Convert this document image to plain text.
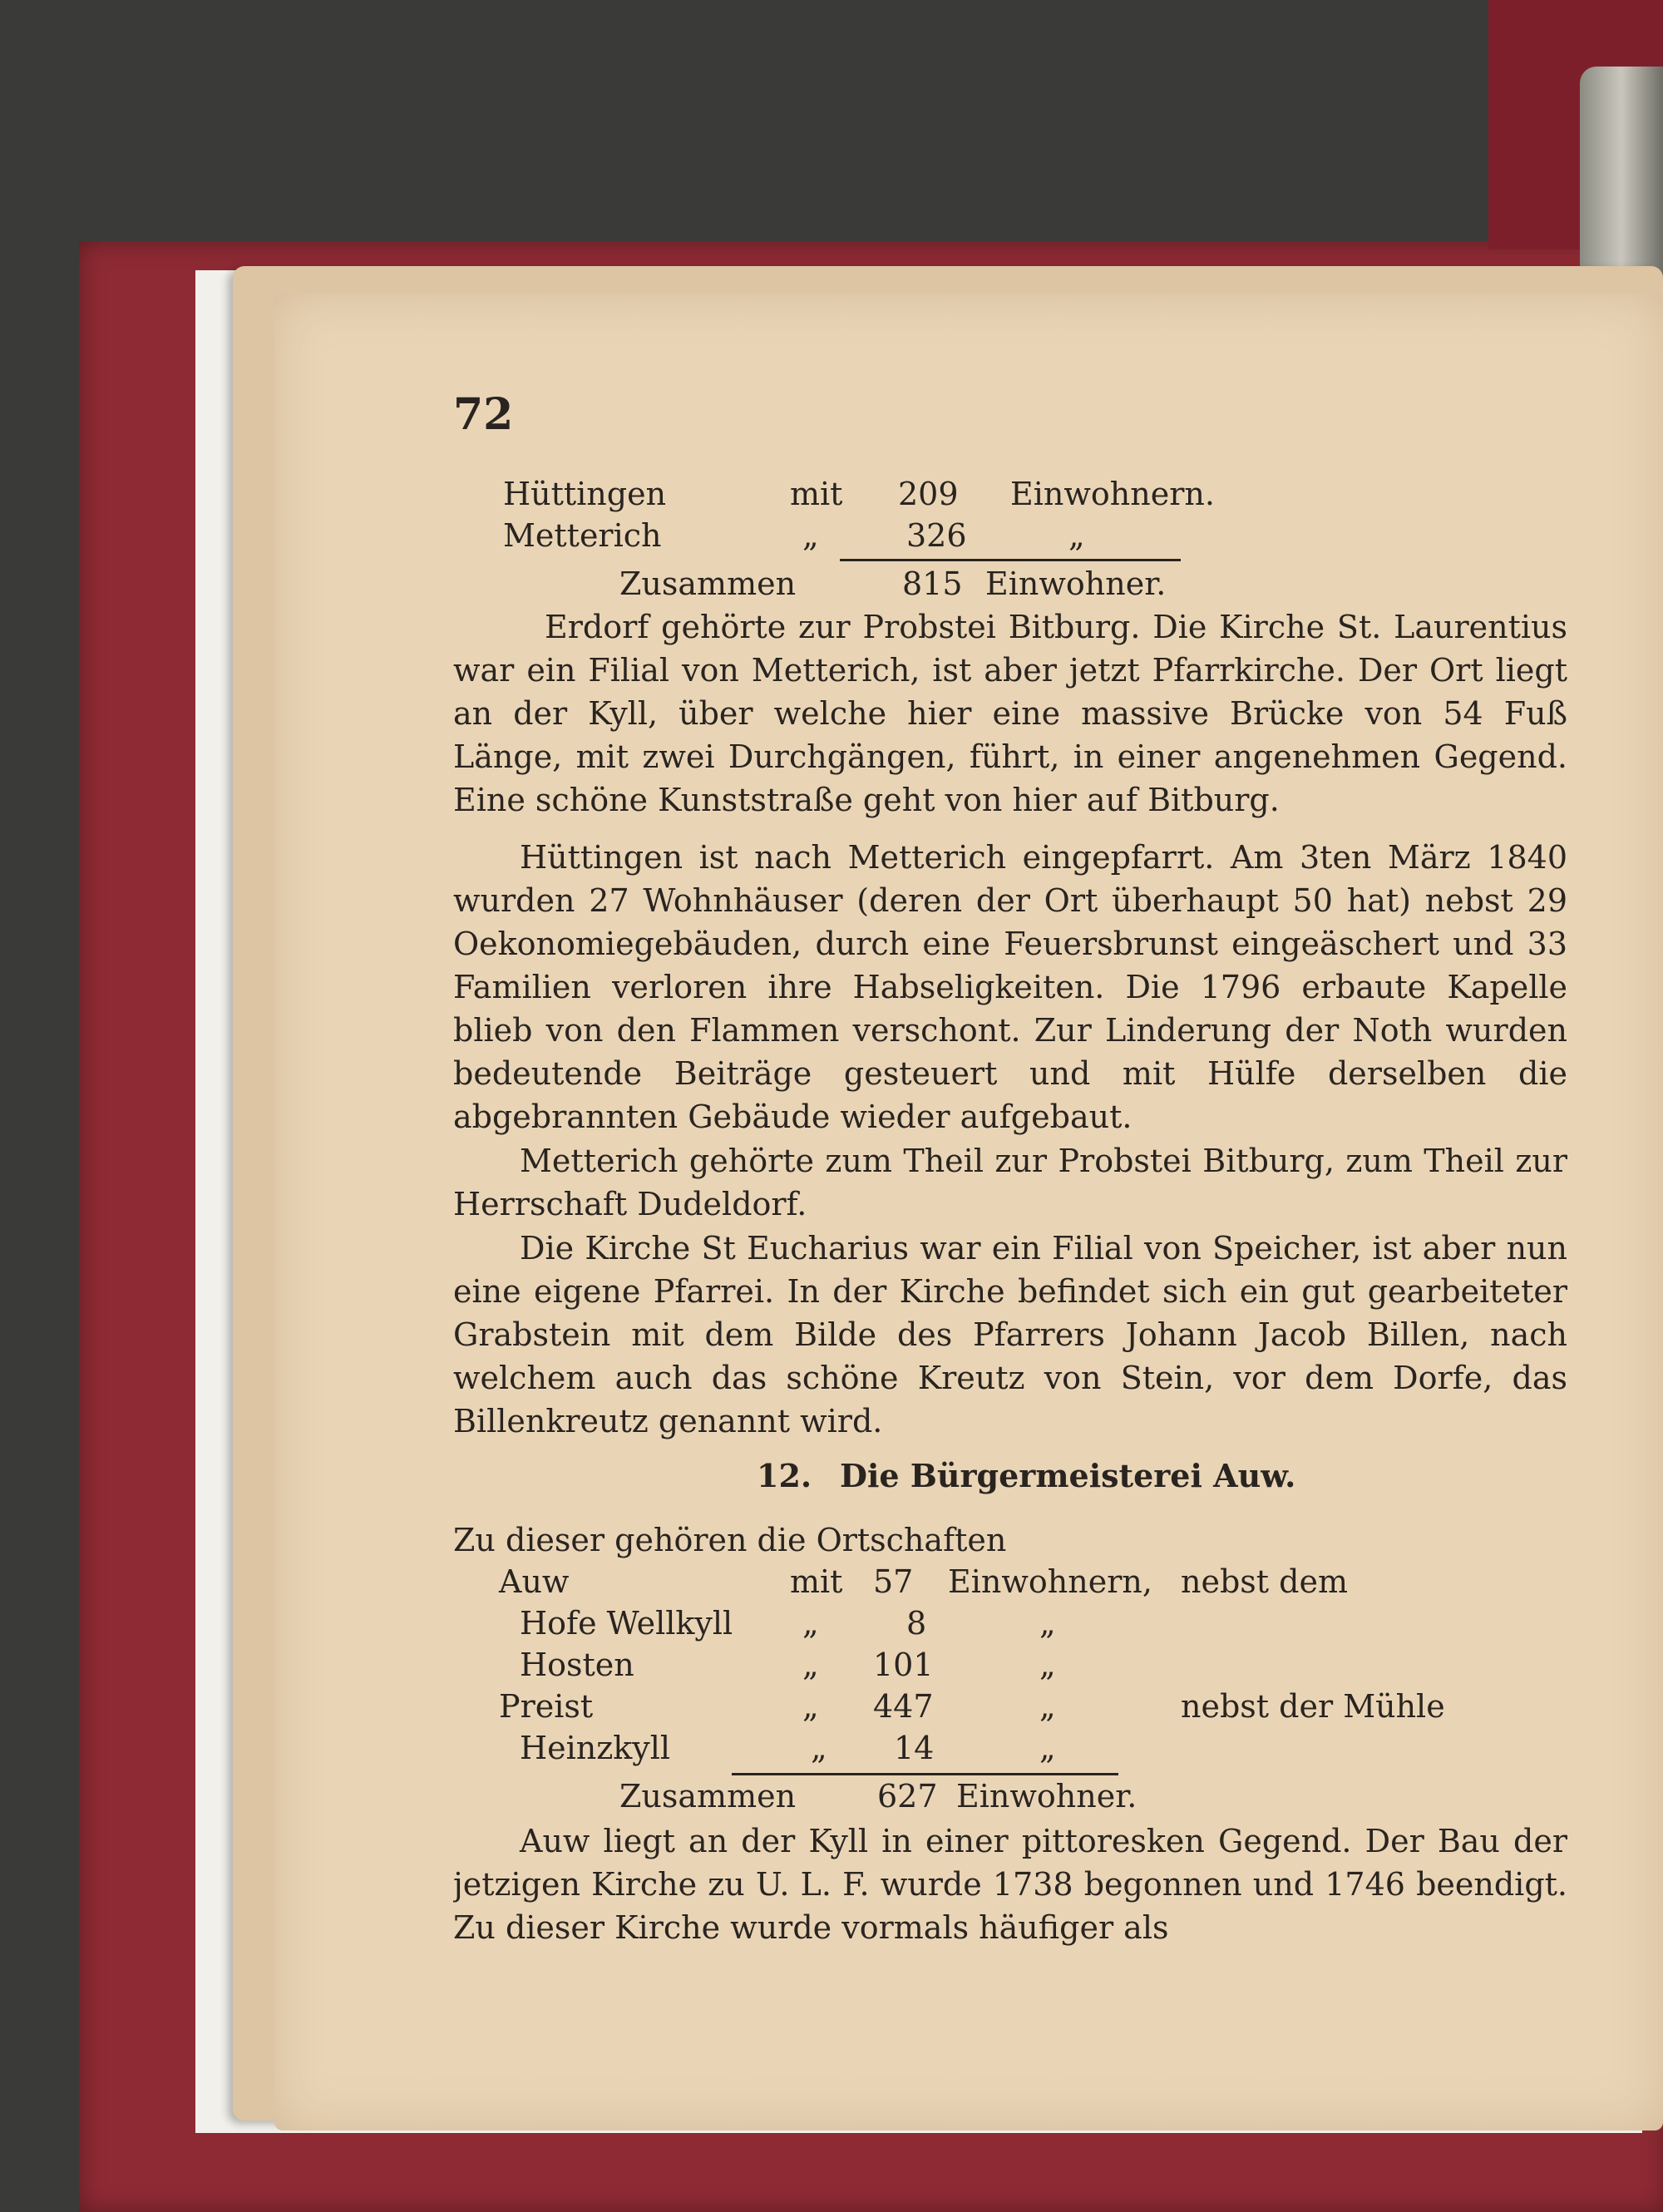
72
Hüttingen	mit 209 Einwohnern.
Metterich	„	326	„
Zusammen	815 Einwohner.
Erdorf gehörte zur Probstei Bitburg. Die Kirche St. Laurentius war ein Filial von Metterich, ist aber jetzt Pfarrkirche. Der Ort liegt an der Kyll, über welche hier eine massive Brücke von 54 Fuß Länge, mit zwei Durchgängen, führt, in einer angenehmen Gegend. Eine schöne Kunststraße geht von hier auf Bitburg.
Hüttingen ist nach Metterich eingepfarrt. Am 3ten März 1840 wurden 27 Wohnhäuser (deren der Ort überhaupt 50 hat) nebst 29 Oekonomiegebäuden, durch eine Feuersbrunst eingeäschert und 33 Familien verloren ihre Habseligkeiten. Die 1796 erbaute Kapelle blieb von den Flammen verschont. Zur Linderung der Noth wurden bedeutende Beiträge gesteuert und mit Hülfe derselben die abgebrannten Gebäude wieder aufgebaut.
Metterich gehörte zum Theil zur Probstei Bitburg, zum Theil zur Herrschaft Dudeldorf.
Die Kirche St Eucharius war ein Filial von Speicher, ist aber nun eine eigene Pfarrei. In der Kirche befindet sich ein gut gearbeiteter Grabstein mit dem Bilde des Pfarrers Johann Jacob Billen, nach welchem auch das schöne Kreutz von Stein, vor dem Dorfe, das Billenkreutz genannt wird.
12. Die Bürgermeisterei Auw.
Zu dieser gehören die Ortschaften
Auw	mit 57 Einwohnern, nebst dem
Hofe Wellkyll „	8	„
Hosten	„ 101	„
Preist	„ 447	„	nebst der Mühle
Heinzkyll	„ 14	„
Zusammen	627 Einwohner.
Auw liegt an der Kyll in einer pittoresken Gegend. Der Bau der jetzigen Kirche zu U. L. F. wurde 1738 begonnen und 1746 beendigt. Zu dieser Kirche wurde vormals häufiger als
